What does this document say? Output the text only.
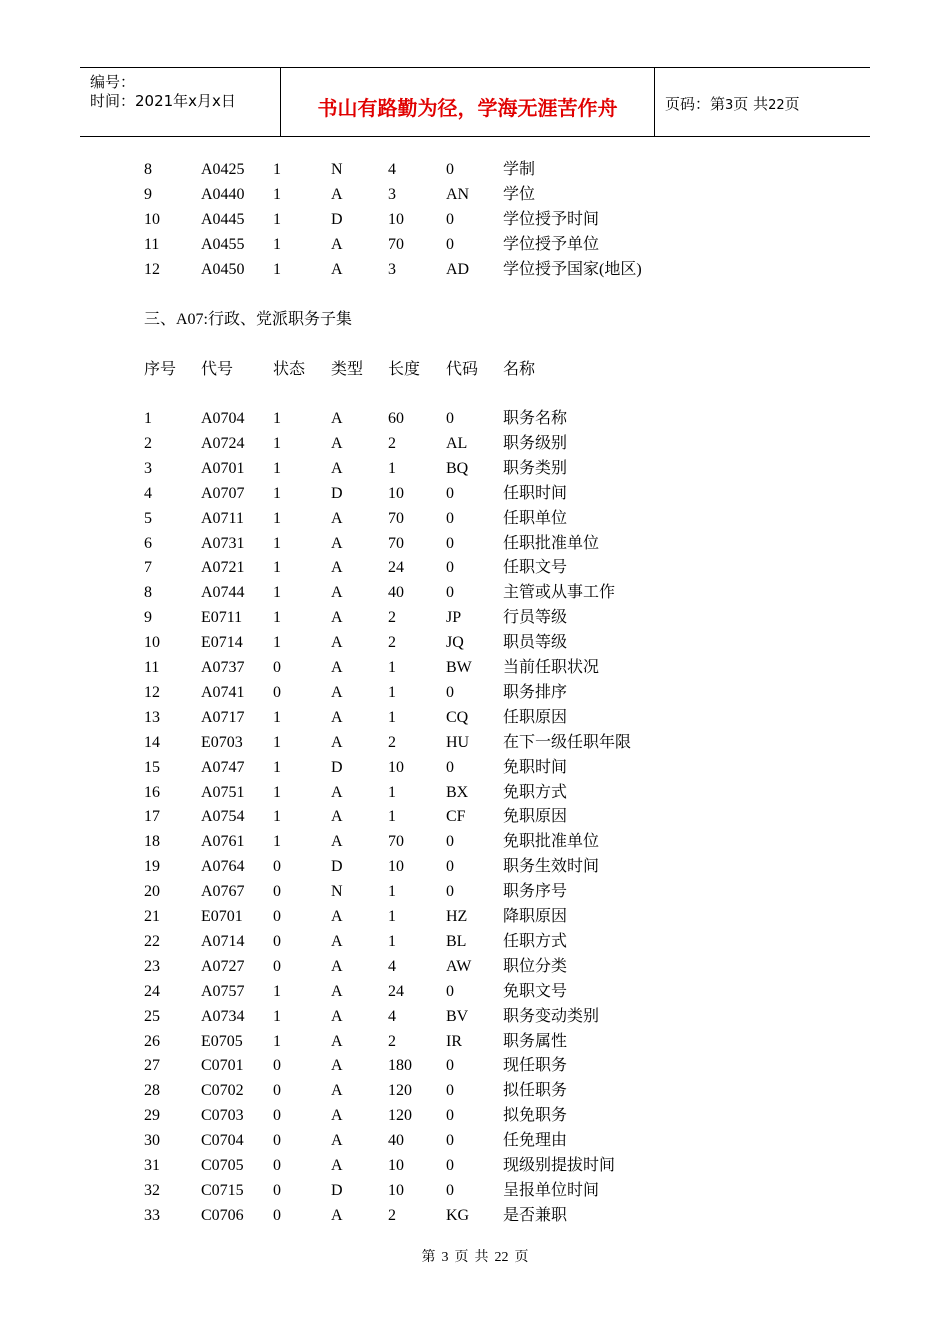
编号：
时间：2021年x月x日	书山有路勤为径，学海无涯苦作舟	页码：第3页 共22页
8	A0425 1	N	4	0	学制
9	A0440 1	A	3	AN 学位
10	A0445 1	D	10	0	学位授予时间
11	A0455 1	A	70	0	学位授予单位
12	A0450 1	A	3	AD 学位授予国家(地区)
三、A07:行政、党派职务子集
序号 代号 状态 类型 长度 代码 名称
1	A0704 1	A	60	0	职务名称
2	A0724 1	A	2	AL 职务级别
3	A0701 1	A	1	BQ 职务类别
4	A0707 1	D	10	0	任职时间
5	A0711 1	A	70	0	任职单位
6	A0731 1	A	70	0	任职批准单位
7	A0721 1	A	24	0	任职文号
8	A0744 1	A	40	0	主管或从事工作
9	E0711 1	A	2	JP	行员等级
10	E0714 1	A	2	JQ 职员等级
11	A0737 0	A	1	BW 当前任职状况
12	A0741 0	A	1	0	职务排序
13	A0717 1	A	1	CQ 任职原因
14	E0703 1	A	2	HU 在下一级任职年限
15	A0747 1	D	10	0	免职时间
16	A0751 1	A	1	BX 免职方式
17	A0754 1	A	1	CF 免职原因
18	A0761 1	A	70	0	免职批准单位
19	A0764 0	D	10	0	职务生效时间
20	A0767 0	N	1	0	职务序号
21	E0701 0	A	1	HZ 降职原因
22	A0714 0	A	1	BL 任职方式
23	A0727 0	A	4	AW 职位分类
24	A0757 1	A	24	0	免职文号
25	A0734 1	A	4	BV 职务变动类别
26	E0705 1	A	2	IR	职务属性
27	C0701 0	A	180 0	现任职务
28	C0702 0	A	120 0	拟任职务
29	C0703 0	A	120 0	拟免职务
30	C0704 0	A	40	0	任免理由
31	C0705 0	A	10	0	现级别提拔时间
32	C0715 0	D	10	0	呈报单位时间
33	C0706 0	A	2	KG 是否兼职
第 3 页 共 22 页
